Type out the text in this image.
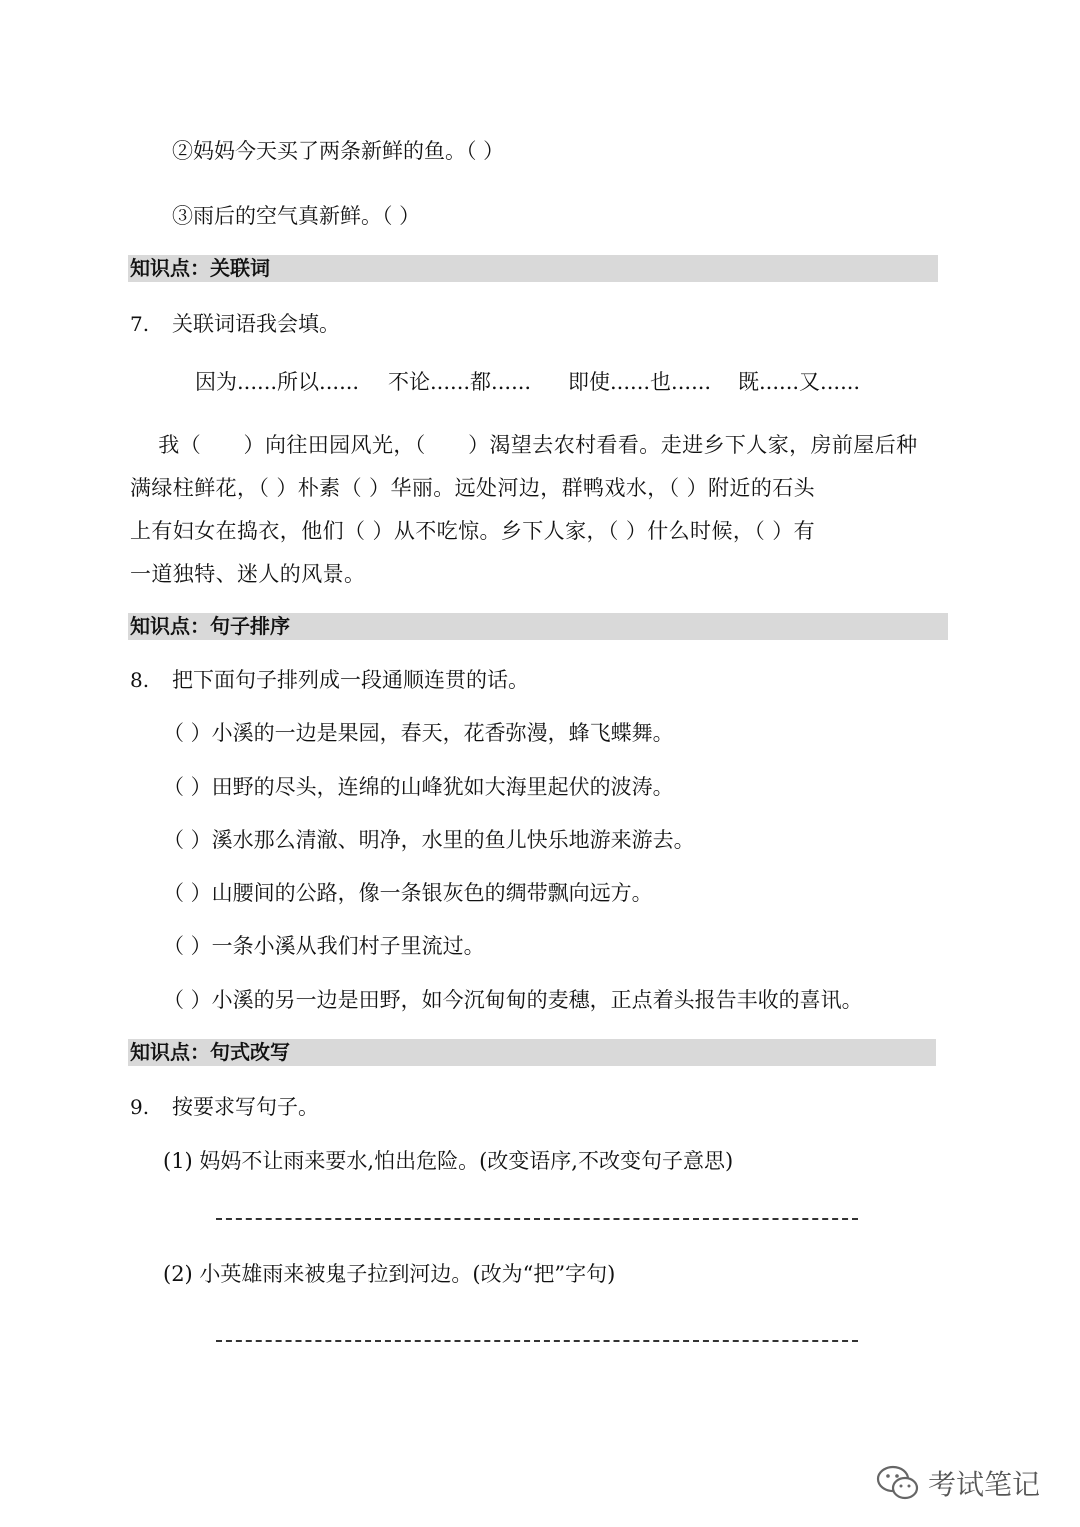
②妈妈今天买了两条新鲜的鱼。（ ）
③雨后的空气真新鲜。（ ）
知识点：关联词
7. 关联词语我会填。
因为......所以...... 不论......都...... 即使......也...... 既......又......

我（      ）向往田园风光，（      ）渴望去农村看看。走进乡下人家，房前屋后种

满绿柱鲜花，（ ）朴素（ ）华丽。远处河边，群鸭戏水，（ ）附近的石头

上有妇女在捣衣，他们（ ）从不吃惊。乡下人家，（ ）什么时候，（ ）有

一道独特、迷人的风景。

知识点：句子排序
8. 把下面句子排列成一段通顺连贯的话。
（ ）小溪的一边是果园，春天，花香弥漫，蜂飞蝶舞。
（ ）田野的尽头，连绵的山峰犹如大海里起伏的波涛。
（ ）溪水那么清澈、明净，水里的鱼儿快乐地游来游去。
（ ）山腰间的公路，像一条银灰色的绸带飘向远方。
（ ）一条小溪从我们村子里流过。
（ ）小溪的另一边是田野，如今沉甸甸的麦穗，正点着头报告丰收的喜讯。
知识点：句式改写
9. 按要求写句子。
(1) 妈妈不让雨来要水,怕出危险。(改变语序,不改变句子意思)
(2) 小英雄雨来被鬼子拉到河边。(改为“把”字句)
考试笔记
